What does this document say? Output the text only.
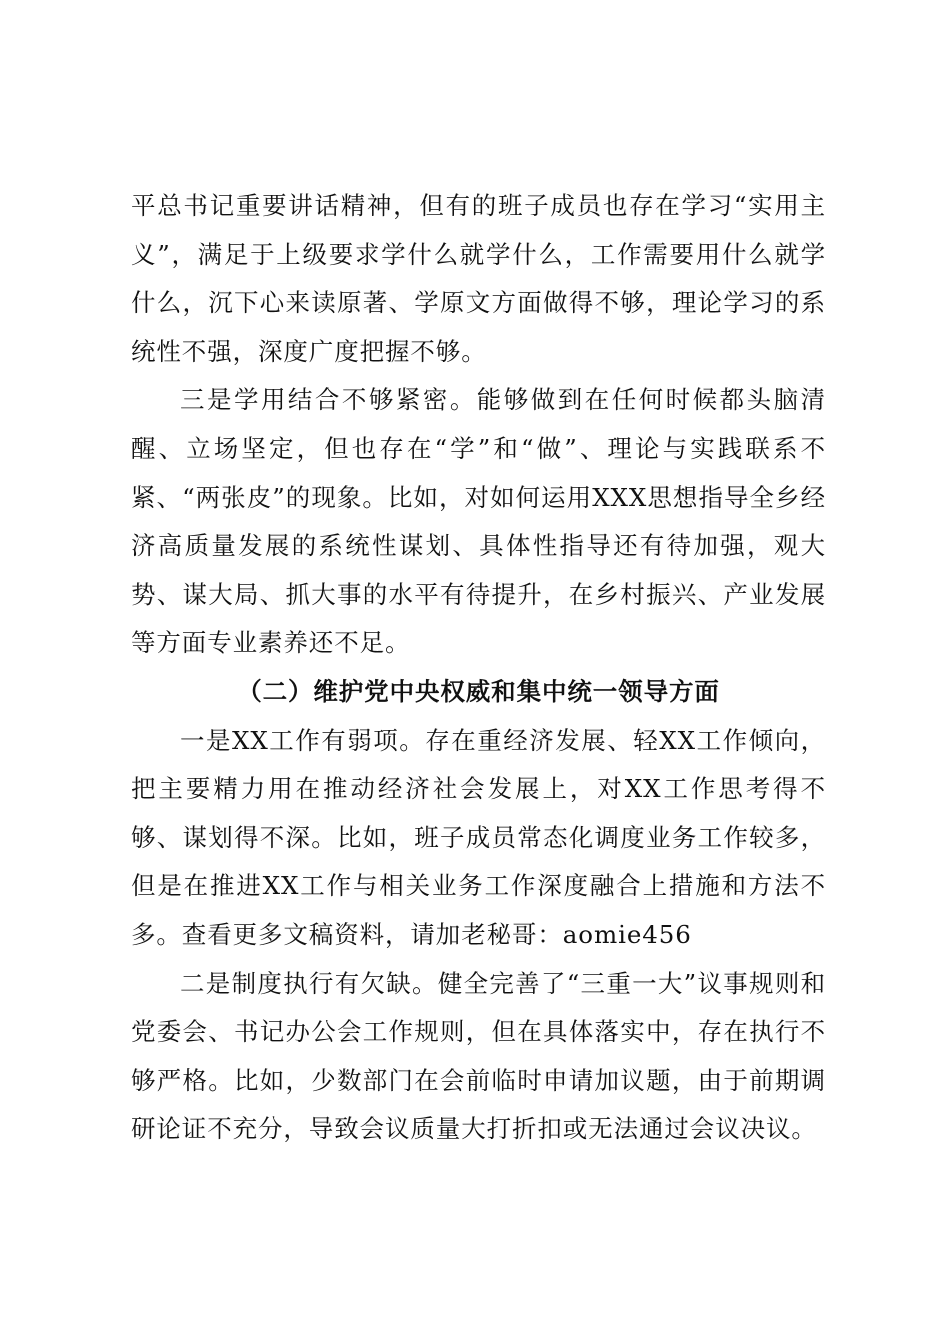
平总书记重要讲话精神，但有的班子成员也存在学习“实用主义”，满足于上级要求学什么就学什么，工作需要用什么就学什么，沉下心来读原著、学原文方面做得不够，理论学习的系统性不强，深度广度把握不够。

三是学用结合不够紧密。能够做到在任何时候都头脑清醒、立场坚定，但也存在“学”和“做”、理论与实践联系不紧、“两张皮”的现象。比如，对如何运用XXX思想指导全乡经济高质量发展的系统性谋划、具体性指导还有待加强，观大势、谋大局、抓大事的水平有待提升，在乡村振兴、产业发展等方面专业素养还不足。

（二）维护党中央权威和集中统一领导方面

一是XX工作有弱项。存在重经济发展、轻XX工作倾向，把主要精力用在推动经济社会发展上，对XX工作思考得不够、谋划得不深。比如，班子成员常态化调度业务工作较多，但是在推进XX工作与相关业务工作深度融合上措施和方法不多。查看更多文稿资料，请加老秘哥：aomie456

二是制度执行有欠缺。健全完善了“三重一大”议事规则和党委会、书记办公会工作规则，但在具体落实中，存在执行不够严格。比如，少数部门在会前临时申请加议题，由于前期调研论证不充分，导致会议质量大打折扣或无法通过会议决议。
